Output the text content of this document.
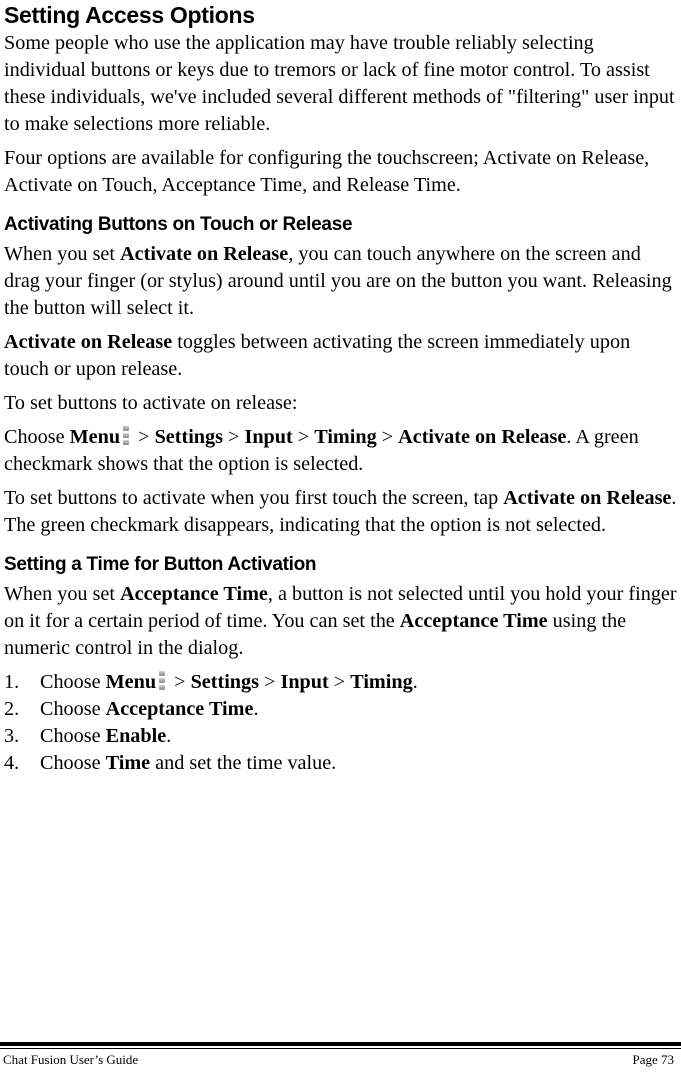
Setting Access Options

Some people who use the application may have trouble reliably selecting individual buttons or keys due to tremors or lack of fine motor control. To assist these individuals, we've included several different methods of "filtering" user input to make selections more reliable.

Four options are available for configuring the touchscreen; Activate on Release, Activate on Touch, Acceptance Time, and Release Time.

Activating Buttons on Touch or Release

When you set Activate on Release, you can touch anywhere on the screen and drag your finger (or stylus) around until you are on the button you want. Releasing the button will select it.

Activate on Release toggles between activating the screen immediately upon touch or upon release.

To set buttons to activate on release:

Choose Menu
> Settings > Input > Timing > Activate on Release. A green checkmark shows that the option is selected.

To set buttons to activate when you first touch the screen, tap Activate on Release. The green checkmark disappears, indicating that the option is not selected.

Setting a Time for Button Activation

When you set Acceptance Time, a button is not selected until you hold your finger on it for a certain period of time. You can set the Acceptance Time using the numeric control in the dialog.

1. Choose Menu
> Settings > Input > Timing.
2. Choose Acceptance Time.
3. Choose Enable.
4. Choose Time and set the time value.
Chat Fusion User’s Guide	Page 73
